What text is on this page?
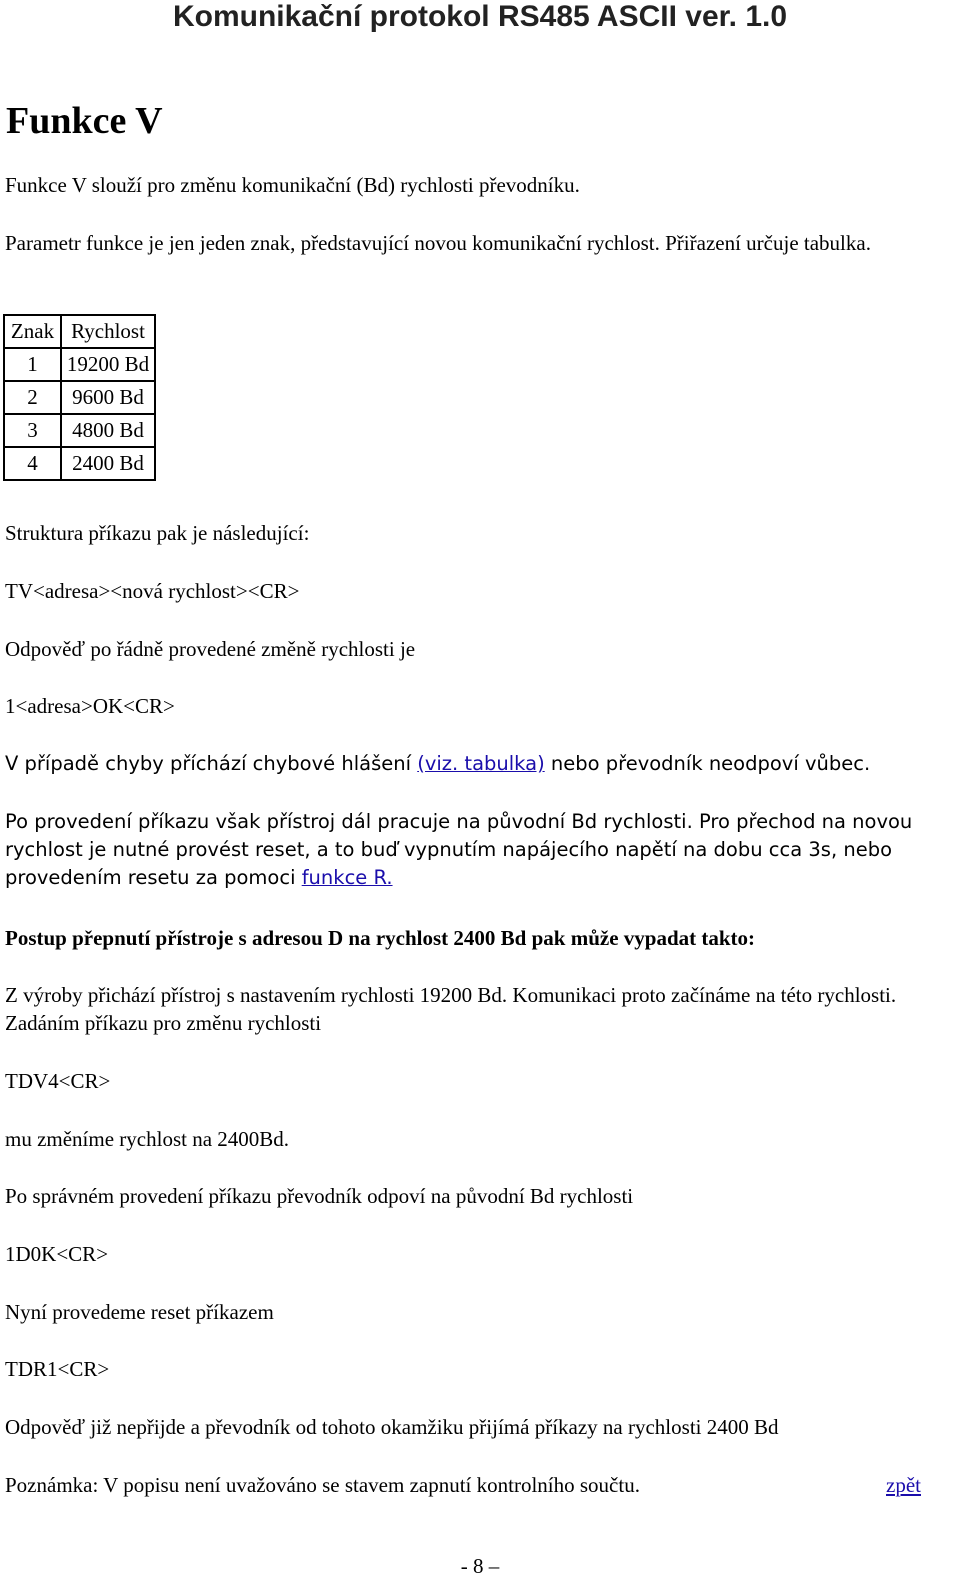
Komunikační protokol RS485 ASCII ver. 1.0
Funkce V
Funkce V slouží pro změnu komunikační (Bd) rychlosti převodníku.
Parametr funkce je jen jeden znak, představující novou komunikační rychlost. Přiřazení určuje tabulka.
Znak	Rychlost
1	19200 Bd
2	9600 Bd
3	4800 Bd
4	2400 Bd
Struktura příkazu pak je následující:
TV<adresa><nová rychlost><CR>
Odpověď po řádně provedené změně rychlosti je
1<adresa>OK<CR>
V případě chyby příchází chybové hlášení (viz. tabulka) nebo převodník neodpoví vůbec.
Po provedení příkazu však přístroj dál pracuje na původní Bd rychlosti. Pro přechod na novou rychlost je nutné provést reset, a to buď vypnutím napájecího napětí na dobu cca 3s, nebo provedením resetu za pomoci funkce R.
Postup přepnutí přístroje s adresou D na rychlost 2400 Bd pak může vypadat takto:
Z výroby přichází přístroj s nastavením rychlosti 19200 Bd. Komunikaci proto začínáme na této rychlosti. Zadáním příkazu pro změnu rychlosti
TDV4<CR>
mu změníme rychlost na 2400Bd.
Po správném provedení příkazu převodník odpoví na původní Bd rychlosti
1D0K<CR>
Nyní provedeme reset příkazem
TDR1<CR>
Odpověď již nepřijde a převodník od tohoto okamžiku přijímá příkazy na rychlosti 2400 Bd
Poznámka: V popisu není uvažováno se stavem zapnutí kontrolního součtu.	zpět
- 8 –
